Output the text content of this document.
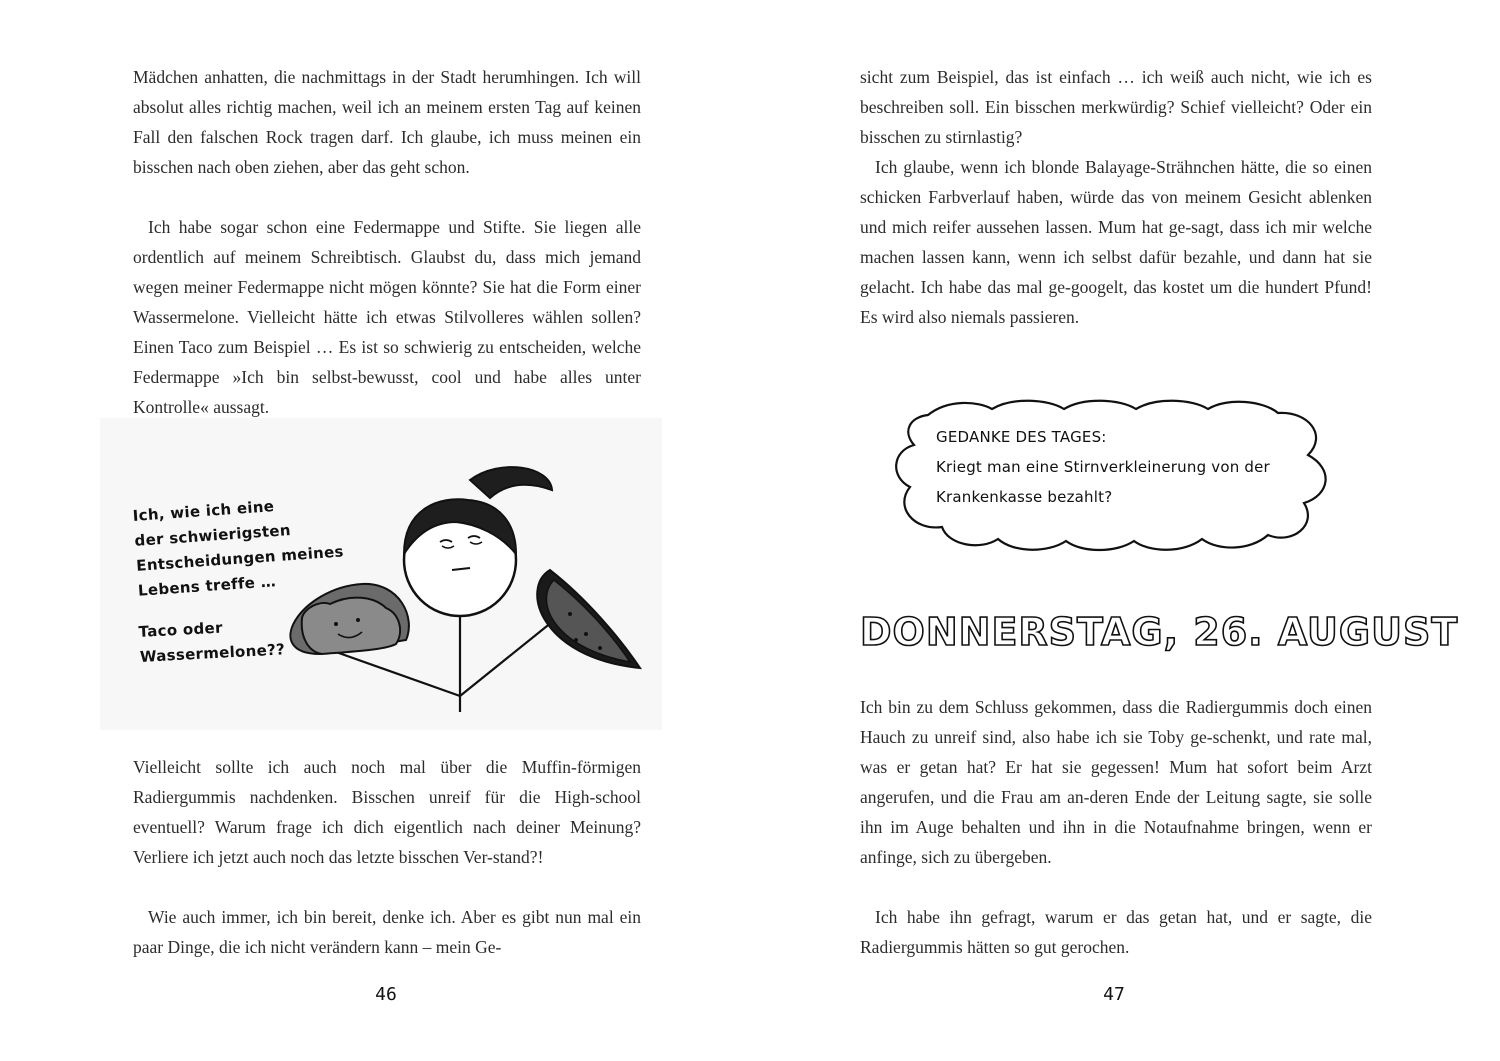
Mädchen anhatten, die nachmittags in der Stadt herumhingen. Ich will absolut alles richtig machen, weil ich an meinem ersten Tag auf keinen Fall den falschen Rock tragen darf. Ich glaube, ich muss meinen ein bisschen nach oben ziehen, aber das geht schon.

Ich habe sogar schon eine Federmappe und Stifte. Sie liegen alle ordentlich auf meinem Schreibtisch. Glaubst du, dass mich jemand wegen meiner Federmappe nicht mögen könnte? Sie hat die Form einer Wassermelone. Vielleicht hätte ich etwas Stilvolleres wählen sollen? Einen Taco zum Beispiel … Es ist so schwierig zu entscheiden, welche Federmappe »Ich bin selbst-bewusst, cool und habe alles unter Kontrolle« aussagt.

Ich, wie ich eine
der schwierigsten
Entscheidungen meines
Lebens treffe …
Taco oder
Wassermelone??

Vielleicht sollte ich auch noch mal über die Muffin-förmigen Radiergummis nachdenken. Bisschen unreif für die High-school eventuell? Warum frage ich dich eigentlich nach deiner Meinung? Verliere ich jetzt auch noch das letzte bisschen Ver-stand?!

Wie auch immer, ich bin bereit, denke ich. Aber es gibt nun mal ein paar Dinge, die ich nicht verändern kann – mein Ge-

46

sicht zum Beispiel, das ist einfach … ich weiß auch nicht, wie ich es beschreiben soll. Ein bisschen merkwürdig? Schief vielleicht? Oder ein bisschen zu stirnlastig?

Ich glaube, wenn ich blonde Balayage-Strähnchen hätte, die so einen schicken Farbverlauf haben, würde das von meinem Gesicht ablenken und mich reifer aussehen lassen. Mum hat ge-sagt, dass ich mir welche machen lassen kann, wenn ich selbst dafür bezahle, und dann hat sie gelacht. Ich habe das mal ge-googelt, das kostet um die hundert Pfund! Es wird also niemals passieren.

47
GEDANKE DES TAGES:
Kriegt man eine Stirnverkleinerung von der
Krankenkasse bezahlt?
DONNERSTAG, 26. AUGUST

Ich bin zu dem Schluss gekommen, dass die Radiergummis doch einen Hauch zu unreif sind, also habe ich sie Toby ge-schenkt, und rate mal, was er getan hat? Er hat sie gegessen! Mum hat sofort beim Arzt angerufen, und die Frau am an-deren Ende der Leitung sagte, sie solle ihn im Auge behalten und ihn in die Notaufnahme bringen, wenn er anfinge, sich zu übergeben.

Ich habe ihn gefragt, warum er das getan hat, und er sagte, die Radiergummis hätten so gut gerochen.
